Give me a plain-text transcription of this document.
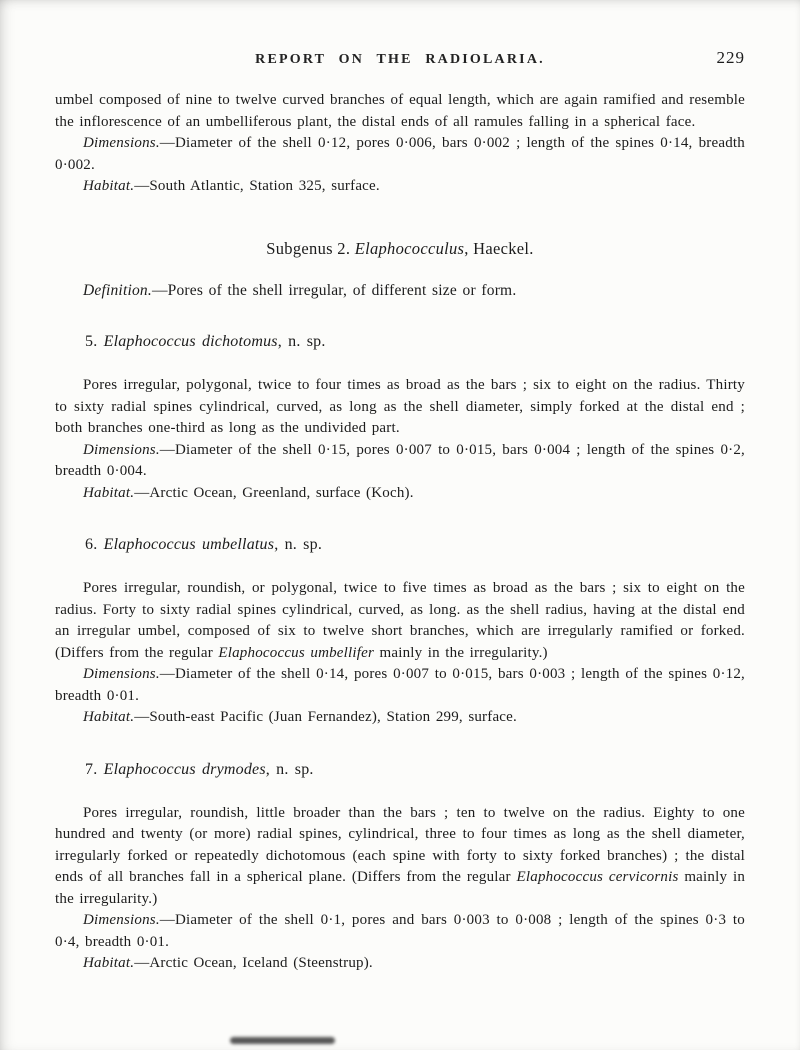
REPORT ON THE RADIOLARIA.	229

umbel composed of nine to twelve curved branches of equal length, which are again ramified and resemble the inflorescence of an umbelliferous plant, the distal ends of all ramules falling in a spherical face.

Dimensions.—Diameter of the shell 0·12, pores 0·006, bars 0·002 ; length of the spines 0·14, breadth 0·002.

Habitat.—South Atlantic, Station 325, surface.

Subgenus 2. Elaphococculus, Haeckel.

Definition.—Pores of the shell irregular, of different size or form.

5. Elaphococcus dichotomus, n. sp.

Pores irregular, polygonal, twice to four times as broad as the bars ; six to eight on the radius. Thirty to sixty radial spines cylindrical, curved, as long as the shell diameter, simply forked at the distal end ; both branches one-third as long as the undivided part.

Dimensions.—Diameter of the shell 0·15, pores 0·007 to 0·015, bars 0·004 ; length of the spines 0·2, breadth 0·004.

Habitat.—Arctic Ocean, Greenland, surface (Koch).

6. Elaphococcus umbellatus, n. sp.

Pores irregular, roundish, or polygonal, twice to five times as broad as the bars ; six to eight on the radius. Forty to sixty radial spines cylindrical, curved, as long. as the shell radius, having at the distal end an irregular umbel, composed of six to twelve short branches, which are irregularly ramified or forked. (Differs from the regular Elaphococcus umbellifer mainly in the irregularity.)

Dimensions.—Diameter of the shell 0·14, pores 0·007 to 0·015, bars 0·003 ; length of the spines 0·12, breadth 0·01.

Habitat.—South-east Pacific (Juan Fernandez), Station 299, surface.

7. Elaphococcus drymodes, n. sp.

Pores irregular, roundish, little broader than the bars ; ten to twelve on the radius. Eighty to one hundred and twenty (or more) radial spines, cylindrical, three to four times as long as the shell diameter, irregularly forked or repeatedly dichotomous (each spine with forty to sixty forked branches) ; the distal ends of all branches fall in a spherical plane. (Differs from the regular Elaphococcus cervicornis mainly in the irregularity.)

Dimensions.—Diameter of the shell 0·1, pores and bars 0·003 to 0·008 ; length of the spines 0·3 to 0·4, breadth 0·01.

Habitat.—Arctic Ocean, Iceland (Steenstrup).
